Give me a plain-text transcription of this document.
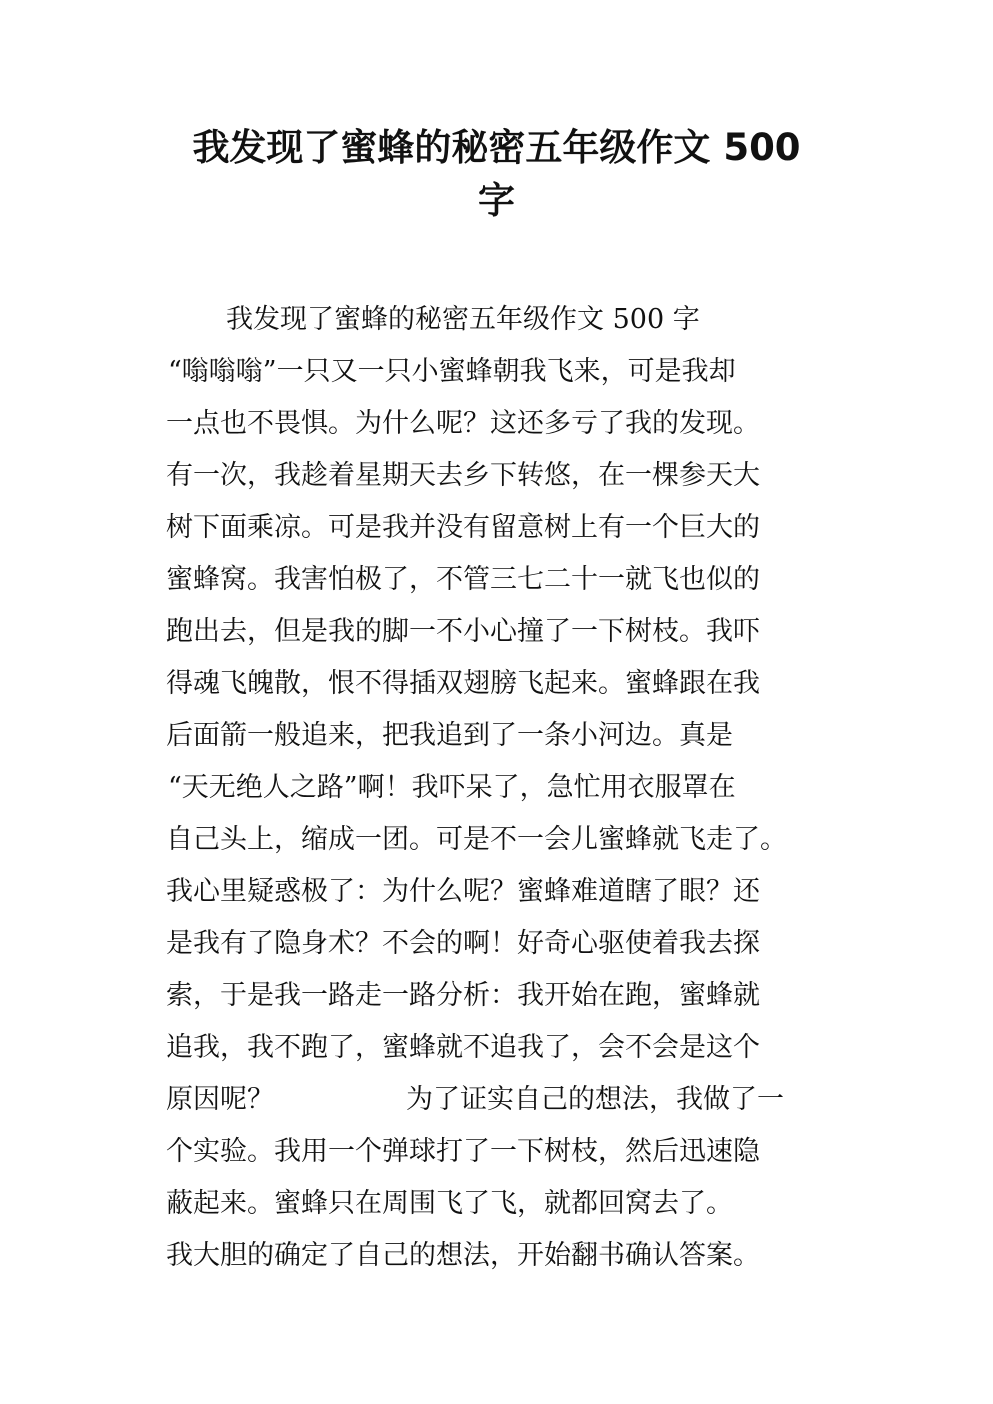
我发现了蜜蜂的秘密五年级作文 500
字
我发现了蜜蜂的秘密五年级作文 500 字
“嗡嗡嗡”一只又一只小蜜蜂朝我飞来，可是我却
一点也不畏惧。为什么呢？这还多亏了我的发现。
有一次，我趁着星期天去乡下转悠，在一棵参天大
树下面乘凉。可是我并没有留意树上有一个巨大的
蜜蜂窝。我害怕极了，不管三七二十一就飞也似的
跑出去，但是我的脚一不小心撞了一下树枝。我吓
得魂飞魄散，恨不得插双翅膀飞起来。蜜蜂跟在我
后面箭一般追来，把我追到了一条小河边。真是
“天无绝人之路”啊！我吓呆了，急忙用衣服罩在
自己头上，缩成一团。可是不一会儿蜜蜂就飞走了。
我心里疑惑极了：为什么呢？蜜蜂难道瞎了眼？还
是我有了隐身术？不会的啊！好奇心驱使着我去探
索，于是我一路走一路分析：我开始在跑，蜜蜂就
追我，我不跑了，蜜蜂就不追我了，会不会是这个
原因呢？	为了证实自己的想法，我做了一
个实验。我用一个弹球打了一下树枝，然后迅速隐
蔽起来。蜜蜂只在周围飞了飞，就都回窝去了。
我大胆的确定了自己的想法，开始翻书确认答案。
